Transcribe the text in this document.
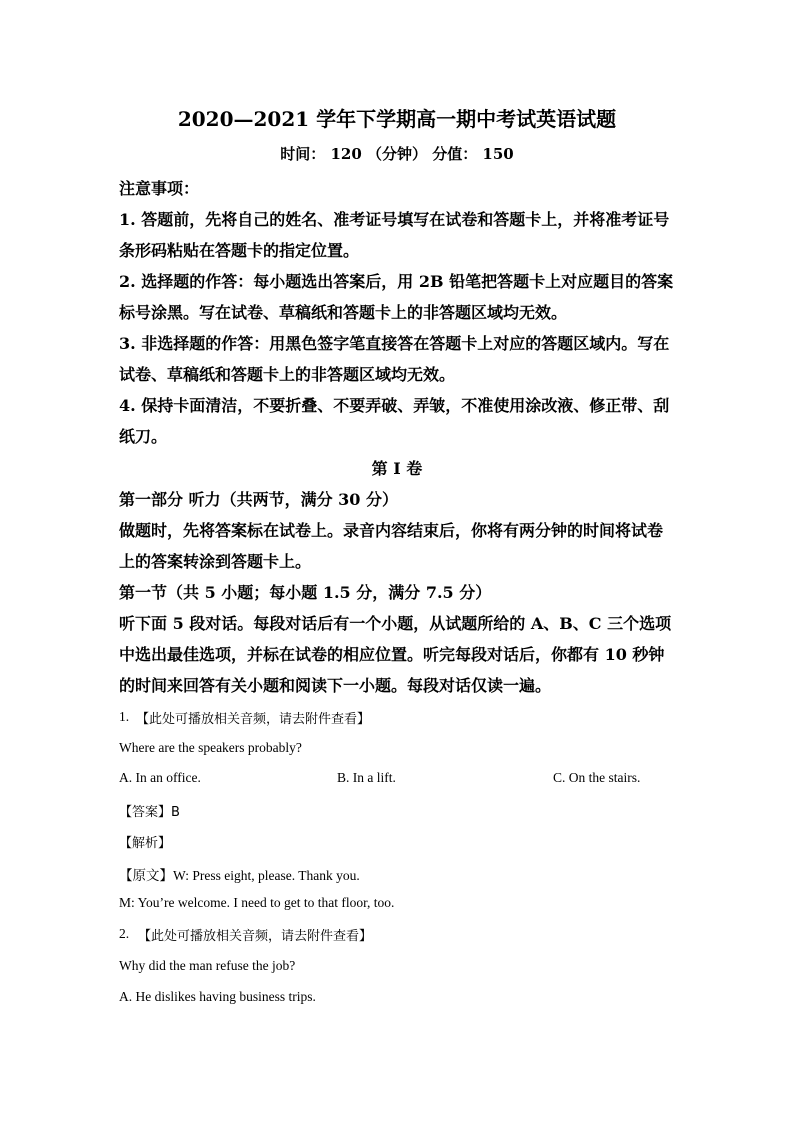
2020—2021 学年下学期高一期中考试英语试题
时间： 120 （分钟） 分值： 150
注意事项：
1. 答题前，先将自己的姓名、准考证号填写在试卷和答题卡上，并将准考证号
条形码粘贴在答题卡的指定位置。
2. 选择题的作答：每小题选出答案后，用 2B 铅笔把答题卡上对应题目的答案
标号涂黑。写在试卷、草稿纸和答题卡上的非答题区域均无效。
3. 非选择题的作答：用黑色签字笔直接答在答题卡上对应的答题区域内。写在
试卷、草稿纸和答题卡上的非答题区域均无效。
4. 保持卡面清洁，不要折叠、不要弄破、弄皱，不准使用涂改液、修正带、刮
纸刀。
第 I 卷
第一部分 听力（共两节，满分 30 分）
做题时，先将答案标在试卷上。录音内容结束后，你将有两分钟的时间将试卷
上的答案转涂到答题卡上。
第一节（共 5 小题；每小题 1.5 分，满分 7.5 分）
听下面 5 段对话。每段对话后有一个小题，从试题所给的 A、B、C 三个选项
中选出最佳选项，并标在试卷的相应位置。听完每段对话后，你都有 10 秒钟
的时间来回答有关小题和阅读下一小题。每段对话仅读一遍。
1. 【此处可播放相关音频，请去附件查看】
Where are the speakers probably?
A. In an office.	B. In a lift.	C. On the stairs.
【答案】B
【解析】
【原文】W: Press eight, please. Thank you.
M: You’re welcome. I need to get to that floor, too.
2. 【此处可播放相关音频，请去附件查看】
Why did the man refuse the job?
A. He dislikes having business trips.
